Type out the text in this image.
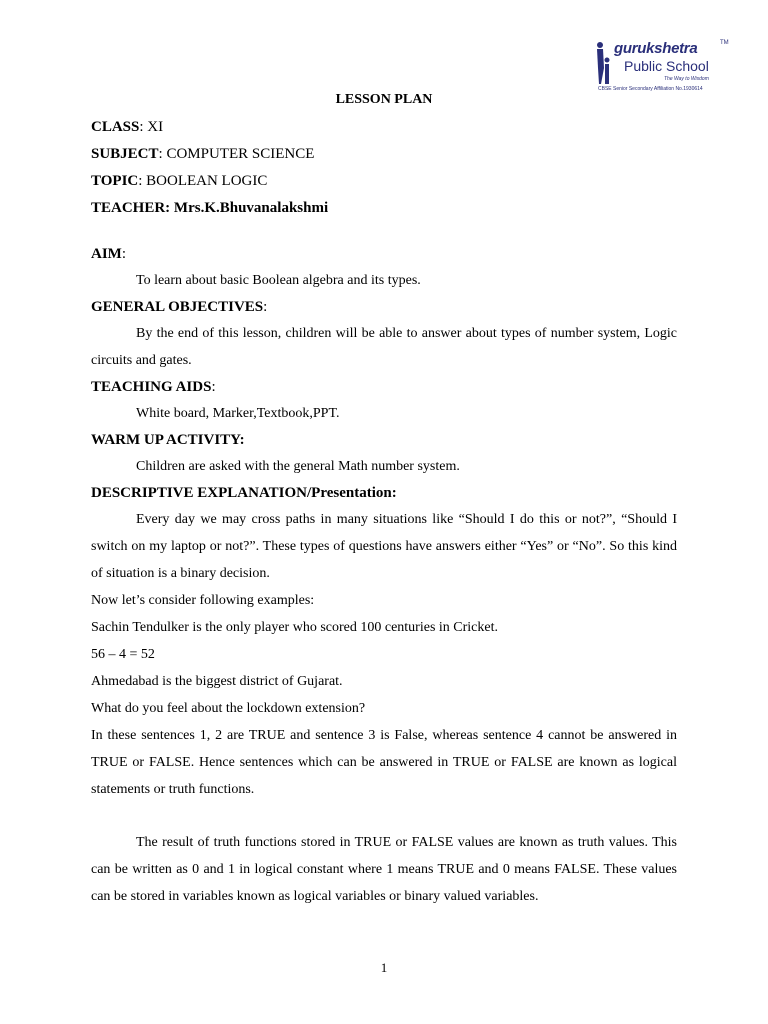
gurukshetra	TM
Public School
The Way to Wisdom
CBSE Senior Secondary Affiliation No.1930614
LESSON PLAN
CLASS: XI
SUBJECT: COMPUTER SCIENCE
TOPIC: BOOLEAN LOGIC
TEACHER: Mrs.K.Bhuvanalakshmi
AIM:
To learn about basic Boolean algebra and its types.
GENERAL OBJECTIVES:
By the end of this lesson, children will be able to answer about types of number system, Logic circuits and gates.
TEACHING AIDS:
White board, Marker,Textbook,PPT.
WARM UP ACTIVITY:
Children are asked with the general Math number system.
DESCRIPTIVE EXPLANATION/Presentation:
Every day we may cross paths in many situations like “Should I do this or not?”, “Should I switch on my laptop or not?”. These types of questions have answers either “Yes” or “No”. So this kind of situation is a binary decision.
Now let’s consider following examples:
Sachin Tendulker is the only player who scored 100 centuries in Cricket.
56 – 4 = 52
Ahmedabad is the biggest district of Gujarat.
What do you feel about the lockdown extension?
In these sentences 1, 2 are TRUE and sentence 3 is False, whereas sentence 4 cannot be answered in TRUE or FALSE. Hence sentences which can be answered in TRUE or FALSE are known as logical statements or truth functions.
The result of truth functions stored in TRUE or FALSE values are known as truth values. This can be written as 0 and 1 in logical constant where 1 means TRUE and 0 means FALSE. These values can be stored in variables known as logical variables or binary valued variables.
1
